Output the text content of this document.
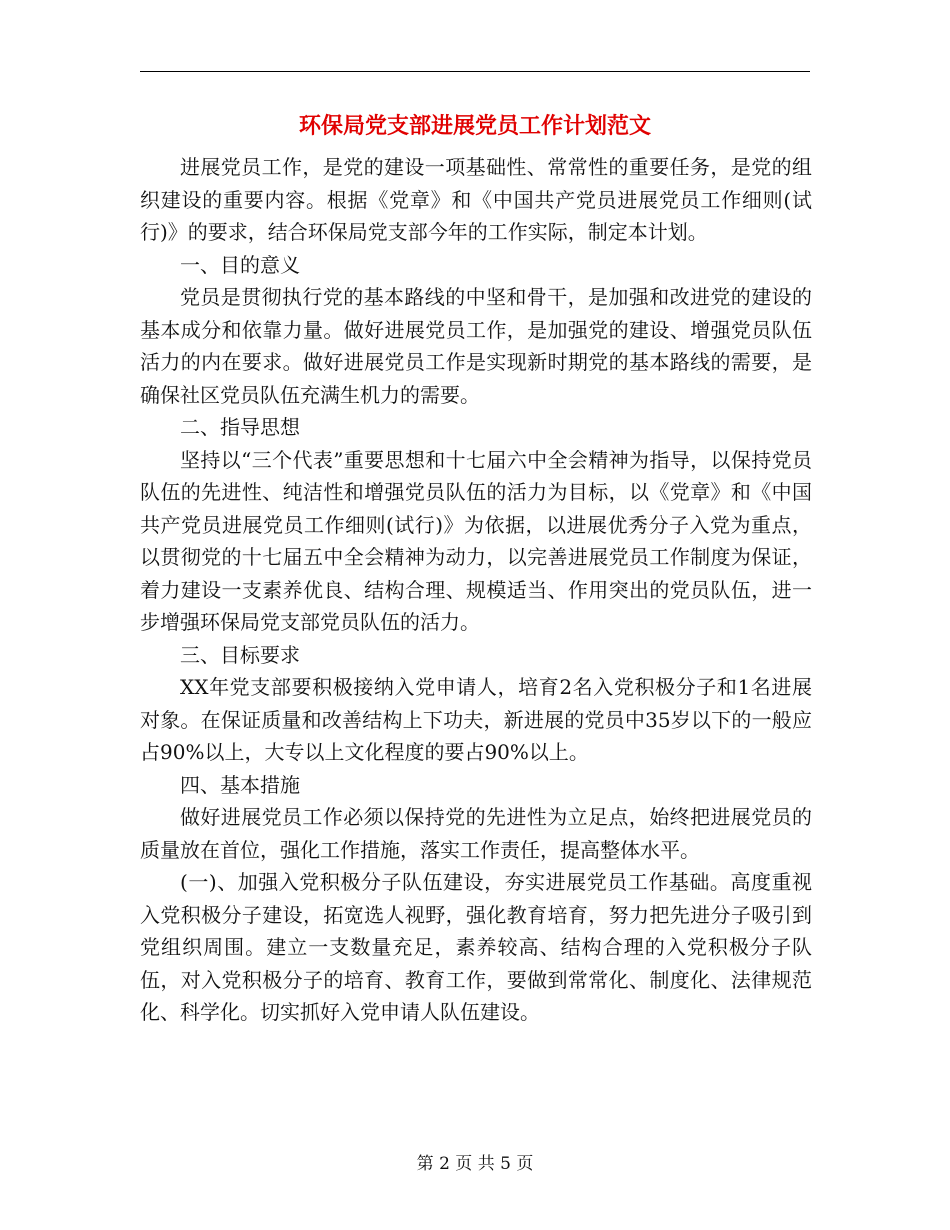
环保局党支部进展党员工作计划范文

进展党员工作，是党的建设一项基础性、常常性的重要任务，是党的组织建设的重要内容。根据《党章》和《中国共产党员进展党员工作细则(试行)》的要求，结合环保局党支部今年的工作实际，制定本计划。

一、目的意义

党员是贯彻执行党的基本路线的中坚和骨干，是加强和改进党的建设的基本成分和依靠力量。做好进展党员工作，是加强党的建设、增强党员队伍活力的内在要求。做好进展党员工作是实现新时期党的基本路线的需要，是确保社区党员队伍充满生机力的需要。

二、指导思想

坚持以“三个代表”重要思想和十七届六中全会精神为指导，以保持党员队伍的先进性、纯洁性和增强党员队伍的活力为目标，以《党章》和《中国共产党员进展党员工作细则(试行)》为依据，以进展优秀分子入党为重点，以贯彻党的十七届五中全会精神为动力，以完善进展党员工作制度为保证，着力建设一支素养优良、结构合理、规模适当、作用突出的党员队伍，进一步增强环保局党支部党员队伍的活力。

三、目标要求

XX年党支部要积极接纳入党申请人，培育2名入党积极分子和1名进展对象。在保证质量和改善结构上下功夫，新进展的党员中35岁以下的一般应占90%以上，大专以上文化程度的要占90%以上。

四、基本措施

做好进展党员工作必须以保持党的先进性为立足点，始终把进展党员的质量放在首位，强化工作措施，落实工作责任，提高整体水平。

(一)、加强入党积极分子队伍建设，夯实进展党员工作基础。高度重视入党积极分子建设，拓宽选人视野，强化教育培育，努力把先进分子吸引到党组织周围。建立一支数量充足，素养较高、结构合理的入党积极分子队伍，对入党积极分子的培育、教育工作，要做到常常化、制度化、法律规范化、科学化。切实抓好入党申请人队伍建设。

第 2 页 共 5 页
